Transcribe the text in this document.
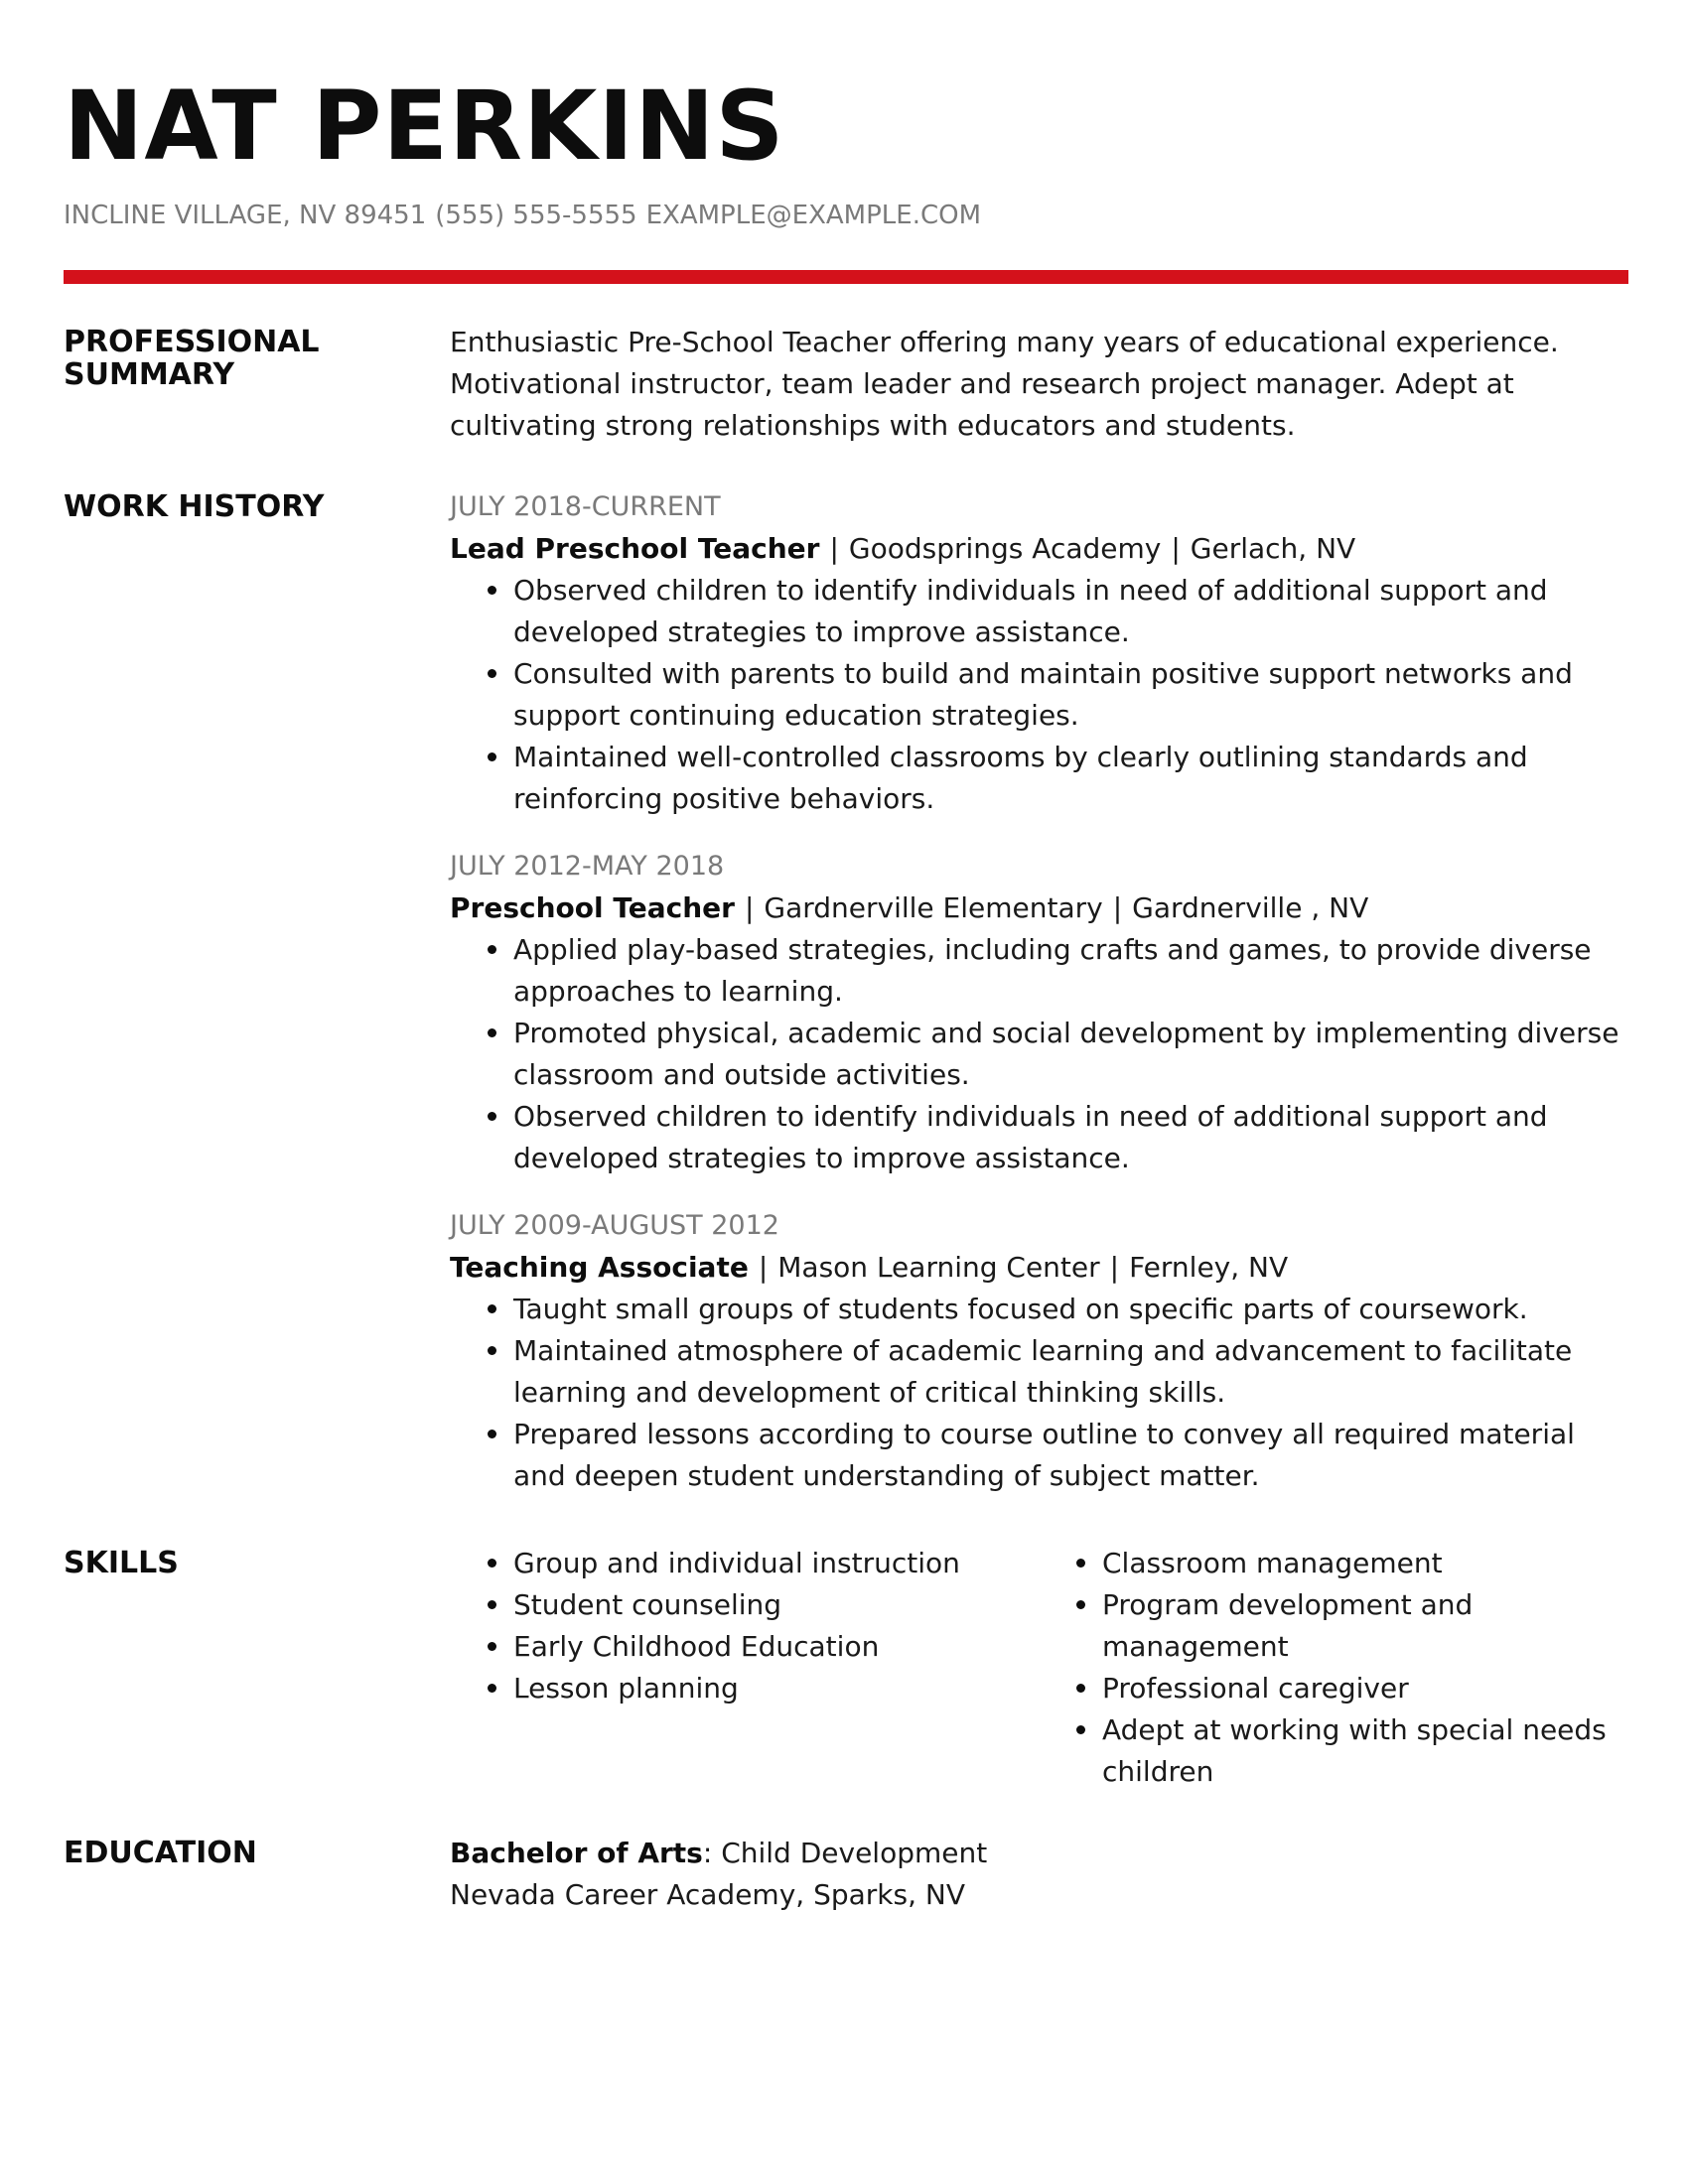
NAT PERKINS
INCLINE VILLAGE, NV 89451 (555) 555-5555 EXAMPLE@EXAMPLE.COM
PROFESSIONAL SUMMARY

Enthusiastic Pre-School Teacher offering many years of educational experience. Motivational instructor, team leader and research project manager. Adept at cultivating strong relationships with educators and students.

WORK HISTORY	JULY 2018-CURRENT
Lead Preschool Teacher | Goodsprings Academy | Gerlach, NV
Observed children to identify individuals in need of additional support and developed strategies to improve assistance.
Consulted with parents to build and maintain positive support networks and support continuing education strategies.
Maintained well-controlled classrooms by clearly outlining standards and reinforcing positive behaviors.
JULY 2012-MAY 2018
Preschool Teacher | Gardnerville Elementary | Gardnerville , NV
Applied play-based strategies, including crafts and games, to provide diverse approaches to learning.
Promoted physical, academic and social development by implementing diverse classroom and outside activities.
Observed children to identify individuals in need of additional support and developed strategies to improve assistance.
JULY 2009-AUGUST 2012
Teaching Associate | Mason Learning Center | Fernley, NV
Taught small groups of students focused on specific parts of coursework.
Maintained atmosphere of academic learning and advancement to facilitate learning and development of critical thinking skills.
Prepared lessons according to course outline to convey all required material and deepen student understanding of subject matter.
SKILLS	Group and individual instruction
Student counseling
Early Childhood Education
Lesson planning
Classroom management
Program development and management
Professional caregiver
Adept at working with special needs children
EDUCATION	Bachelor of Arts: Child Development
Nevada Career Academy, Sparks, NV
